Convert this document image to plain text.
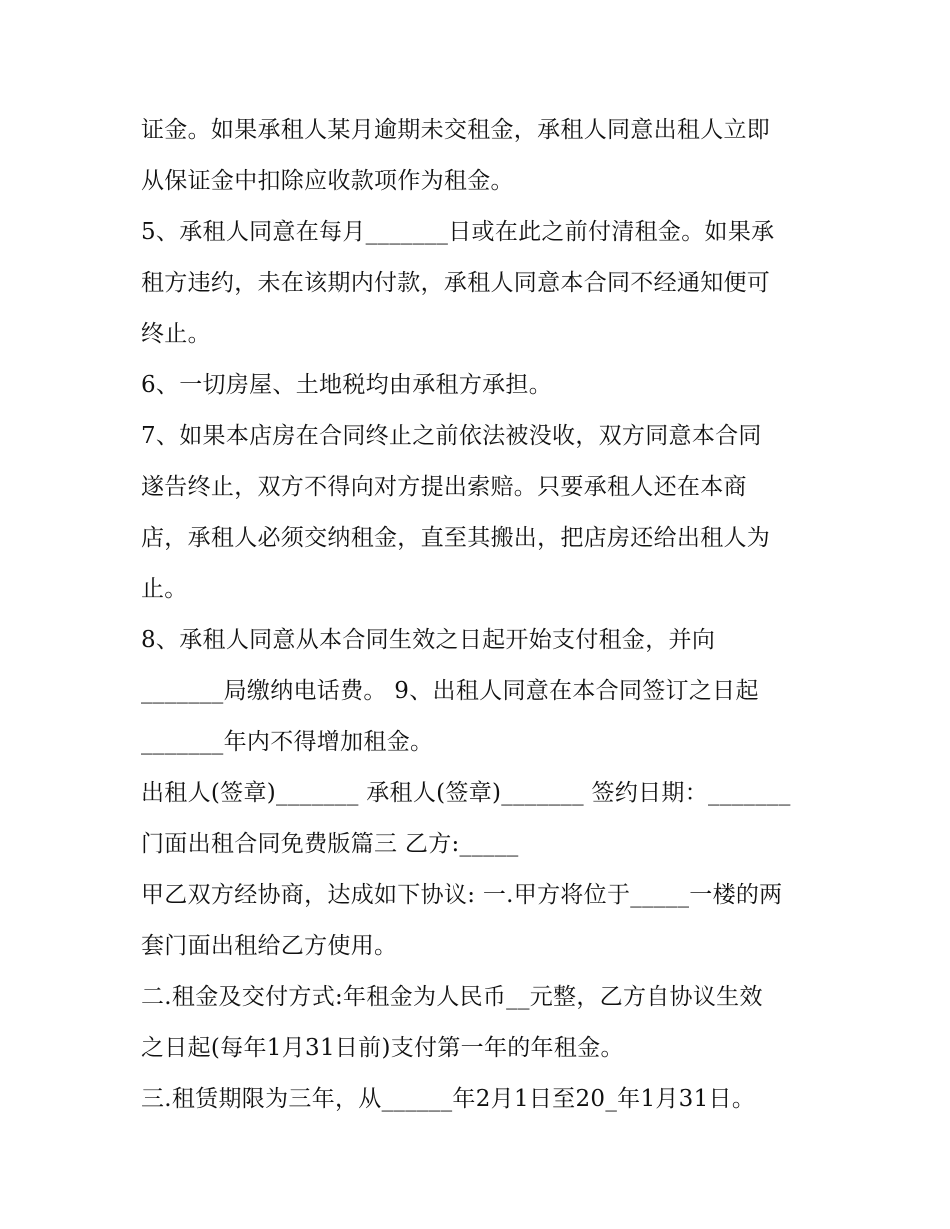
证金。如果承租人某月逾期未交租金，承租人同意出租人立即
从保证金中扣除应收款项作为租金。
5、承租人同意在每月_______日或在此之前付清租金。如果承
租方违约，未在该期内付款，承租人同意本合同不经通知便可
终止。
6、一切房屋、土地税均由承租方承担。
7、如果本店房在合同终止之前依法被没收，双方同意本合同
遂告终止，双方不得向对方提出索赔。只要承租人还在本商
店，承租人必须交纳租金，直至其搬出，把店房还给出租人为
止。
8、承租人同意从本合同生效之日起开始支付租金，并向
_______局缴纳电话费。 9、出租人同意在本合同签订之日起
_______年内不得增加租金。
出租人(签章)_______ 承租人(签章)_______ 签约日期：_______
门面出租合同免费版篇三 乙方:_____
甲乙双方经协商，达成如下协议: 一.甲方将位于_____一楼的两
套门面出租给乙方使用。
二.租金及交付方式:年租金为人民币__元整，乙方自协议生效
之日起(每年1月31日前)支付第一年的年租金。
三.租赁期限为三年，从______年2月1日至20_年1月31日。
